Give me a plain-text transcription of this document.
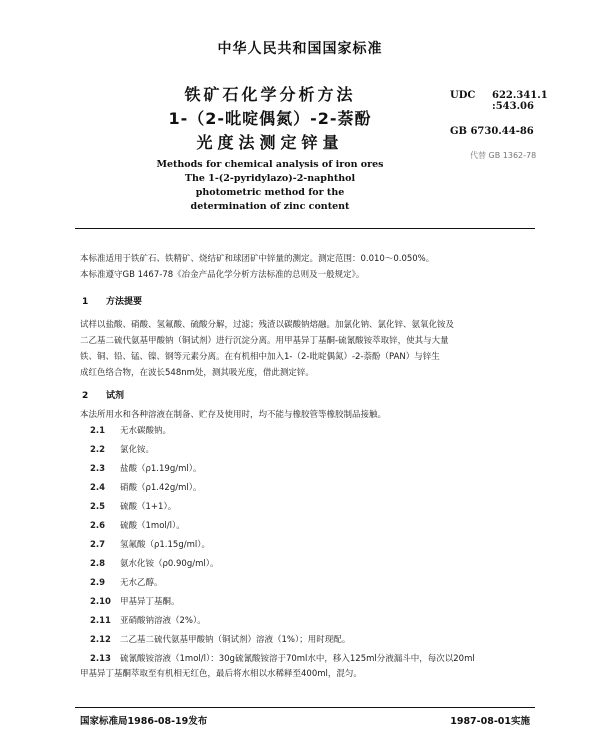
中华人民共和国国家标准
铁矿石化学分析方法
1-（2-吡啶偶氮）-2-萘酚
光度法测定锌量
UDC 622.341.1
:543.06
GB 6730.44-86
代替 GB 1362-78
Methods for chemical analysis of iron ores
The 1-(2-pyridylazo)-2-naphthol
photometric method for the
determination of zinc content
本标准适用于铁矿石、铁精矿、烧结矿和球团矿中锌量的测定。测定范围：0.010～0.050%。
本标准遵守GB 1467-78《冶金产品化学分析方法标准的总则及一般规定》。
1 方法提要
试样以盐酸、硝酸、氢氟酸、硫酸分解，过滤；残渣以碳酸钠熔融。加氯化钠、氯化锌、氨氧化铵及
二乙基二硫代氨基甲酸钠（铜试剂）进行沉淀分离。用甲基异丁基酮-硫氰酸铵萃取锌，使其与大量
铁、铜、铅、锰、镍、钢等元素分离。在有机相中加入1-（2-吡啶偶氮）-2-萘酚（PAN）与锌生
成红色络合物，在波长548nm处，测其吸光度，借此测定锌。
2 试剂
本法所用水和各种溶液在制备、贮存及使用时，均不能与橡胶管等橡胶制品接触。
2.1 无水碳酸钠。
2.2 氯化铵。
2.3 盐酸（ρ1.19g/ml）。
2.4 硝酸（ρ1.42g/ml）。
2.5 硫酸（1+1）。
2.6 硫酸（1mol/l）。
2.7 氢氟酸（ρ1.15g/ml）。
2.8 氨水化铵（ρ0.90g/ml）。
2.9 无水乙醇。
2.10 甲基异丁基酮。
2.11 亚硝酸钠溶液（2%）。
2.12 二乙基二硫代氨基甲酸钠（铜试剂）溶液（1%）；用时现配。
2.13 硫氰酸铵溶液（1mol/l）：30g硫氰酸铵溶于70ml水中，移入125ml分液漏斗中，每次以20ml
甲基异丁基酮萃取至有机相无红色，最后将水相以水稀释至400ml，混匀。
国家标准局1986-08-19发布	1987-08-01实施
